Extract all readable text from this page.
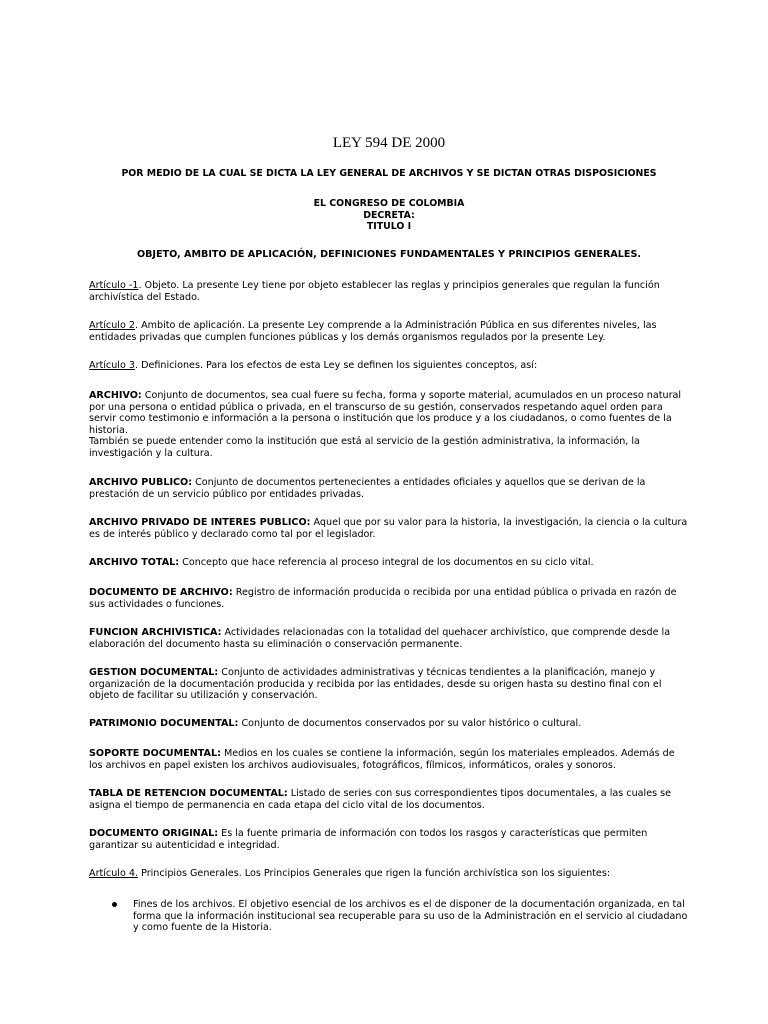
LEY 594 DE 2000
POR MEDIO DE LA CUAL SE DICTA LA LEY GENERAL DE ARCHIVOS Y SE DICTAN OTRAS DISPOSICIONES
EL CONGRESO DE COLOMBIA
DECRETA:
TITULO I
OBJETO, AMBITO DE APLICACIÓN, DEFINICIONES FUNDAMENTALES Y PRINCIPIOS GENERALES.

Artículo -1. Objeto. La presente Ley tiene por objeto establecer las reglas y principios generales que regulan la función archivística del Estado.

Artículo 2. Ambito de aplicación. La presente Ley comprende a la Administración Pública en sus diferentes niveles, las entidades privadas que cumplen funciones públicas y los demás organismos regulados por la presente Ley.

Artículo 3. Definiciones. Para los efectos de esta Ley se definen los siguientes conceptos, así:

ARCHIVO: Conjunto de documentos, sea cual fuere su fecha, forma y soporte material, acumulados en un proceso natural por una persona o entidad pública o privada, en el transcurso de su gestión, conservados respetando aquel orden para servir como testimonio e información a la persona o institución que los produce y a los ciudadanos, o como fuentes de la historia.
También se puede entender como la institución que está al servicio de la gestión administrativa, la información, la investigación y la cultura.

ARCHIVO PUBLICO: Conjunto de documentos pertenecientes a entidades oficiales y aquellos que se derivan de la prestación de un servicio público por entidades privadas.

ARCHIVO PRIVADO DE INTERES PUBLICO: Aquel que por su valor para la historia, la investigación, la ciencia o la cultura es de interés público y declarado como tal por el legislador.

ARCHIVO TOTAL: Concepto que hace referencia al proceso integral de los documentos en su ciclo vital.

DOCUMENTO DE ARCHIVO: Registro de información producida o recibida por una entidad pública o privada en razón de sus actividades o funciones.

FUNCION ARCHIVISTICA: Actividades relacionadas con la totalidad del quehacer archivístico, que comprende desde la elaboración del documento hasta su eliminación o conservación permanente.

GESTION DOCUMENTAL: Conjunto de actividades administrativas y técnicas tendientes a la planificación, manejo y organización de la documentación producida y recibida por las entidades, desde su origen hasta su destino final con el objeto de facilitar su utilización y conservación.

PATRIMONIO DOCUMENTAL: Conjunto de documentos conservados por su valor histórico o cultural.

SOPORTE DOCUMENTAL: Medios en los cuales se contiene la información, según los materiales empleados. Además de los archivos en papel existen los archivos audiovisuales, fotográficos, fílmicos, informáticos, orales y sonoros.

TABLA DE RETENCION DOCUMENTAL: Listado de series con sus correspondientes tipos documentales, a las cuales se asigna el tiempo de permanencia en cada etapa del ciclo vital de los documentos.

DOCUMENTO ORIGINAL: Es la fuente primaria de información con todos los rasgos y características que permiten garantizar su autenticidad e integridad.

Artículo 4. Principios Generales. Los Principios Generales que rigen la función archivística son los siguientes:

Fines de los archivos. El objetivo esencial de los archivos es el de disponer de la documentación organizada, en tal forma que la información institucional sea recuperable para su uso de la Administración en el servicio al ciudadano y como fuente de la Historia.
